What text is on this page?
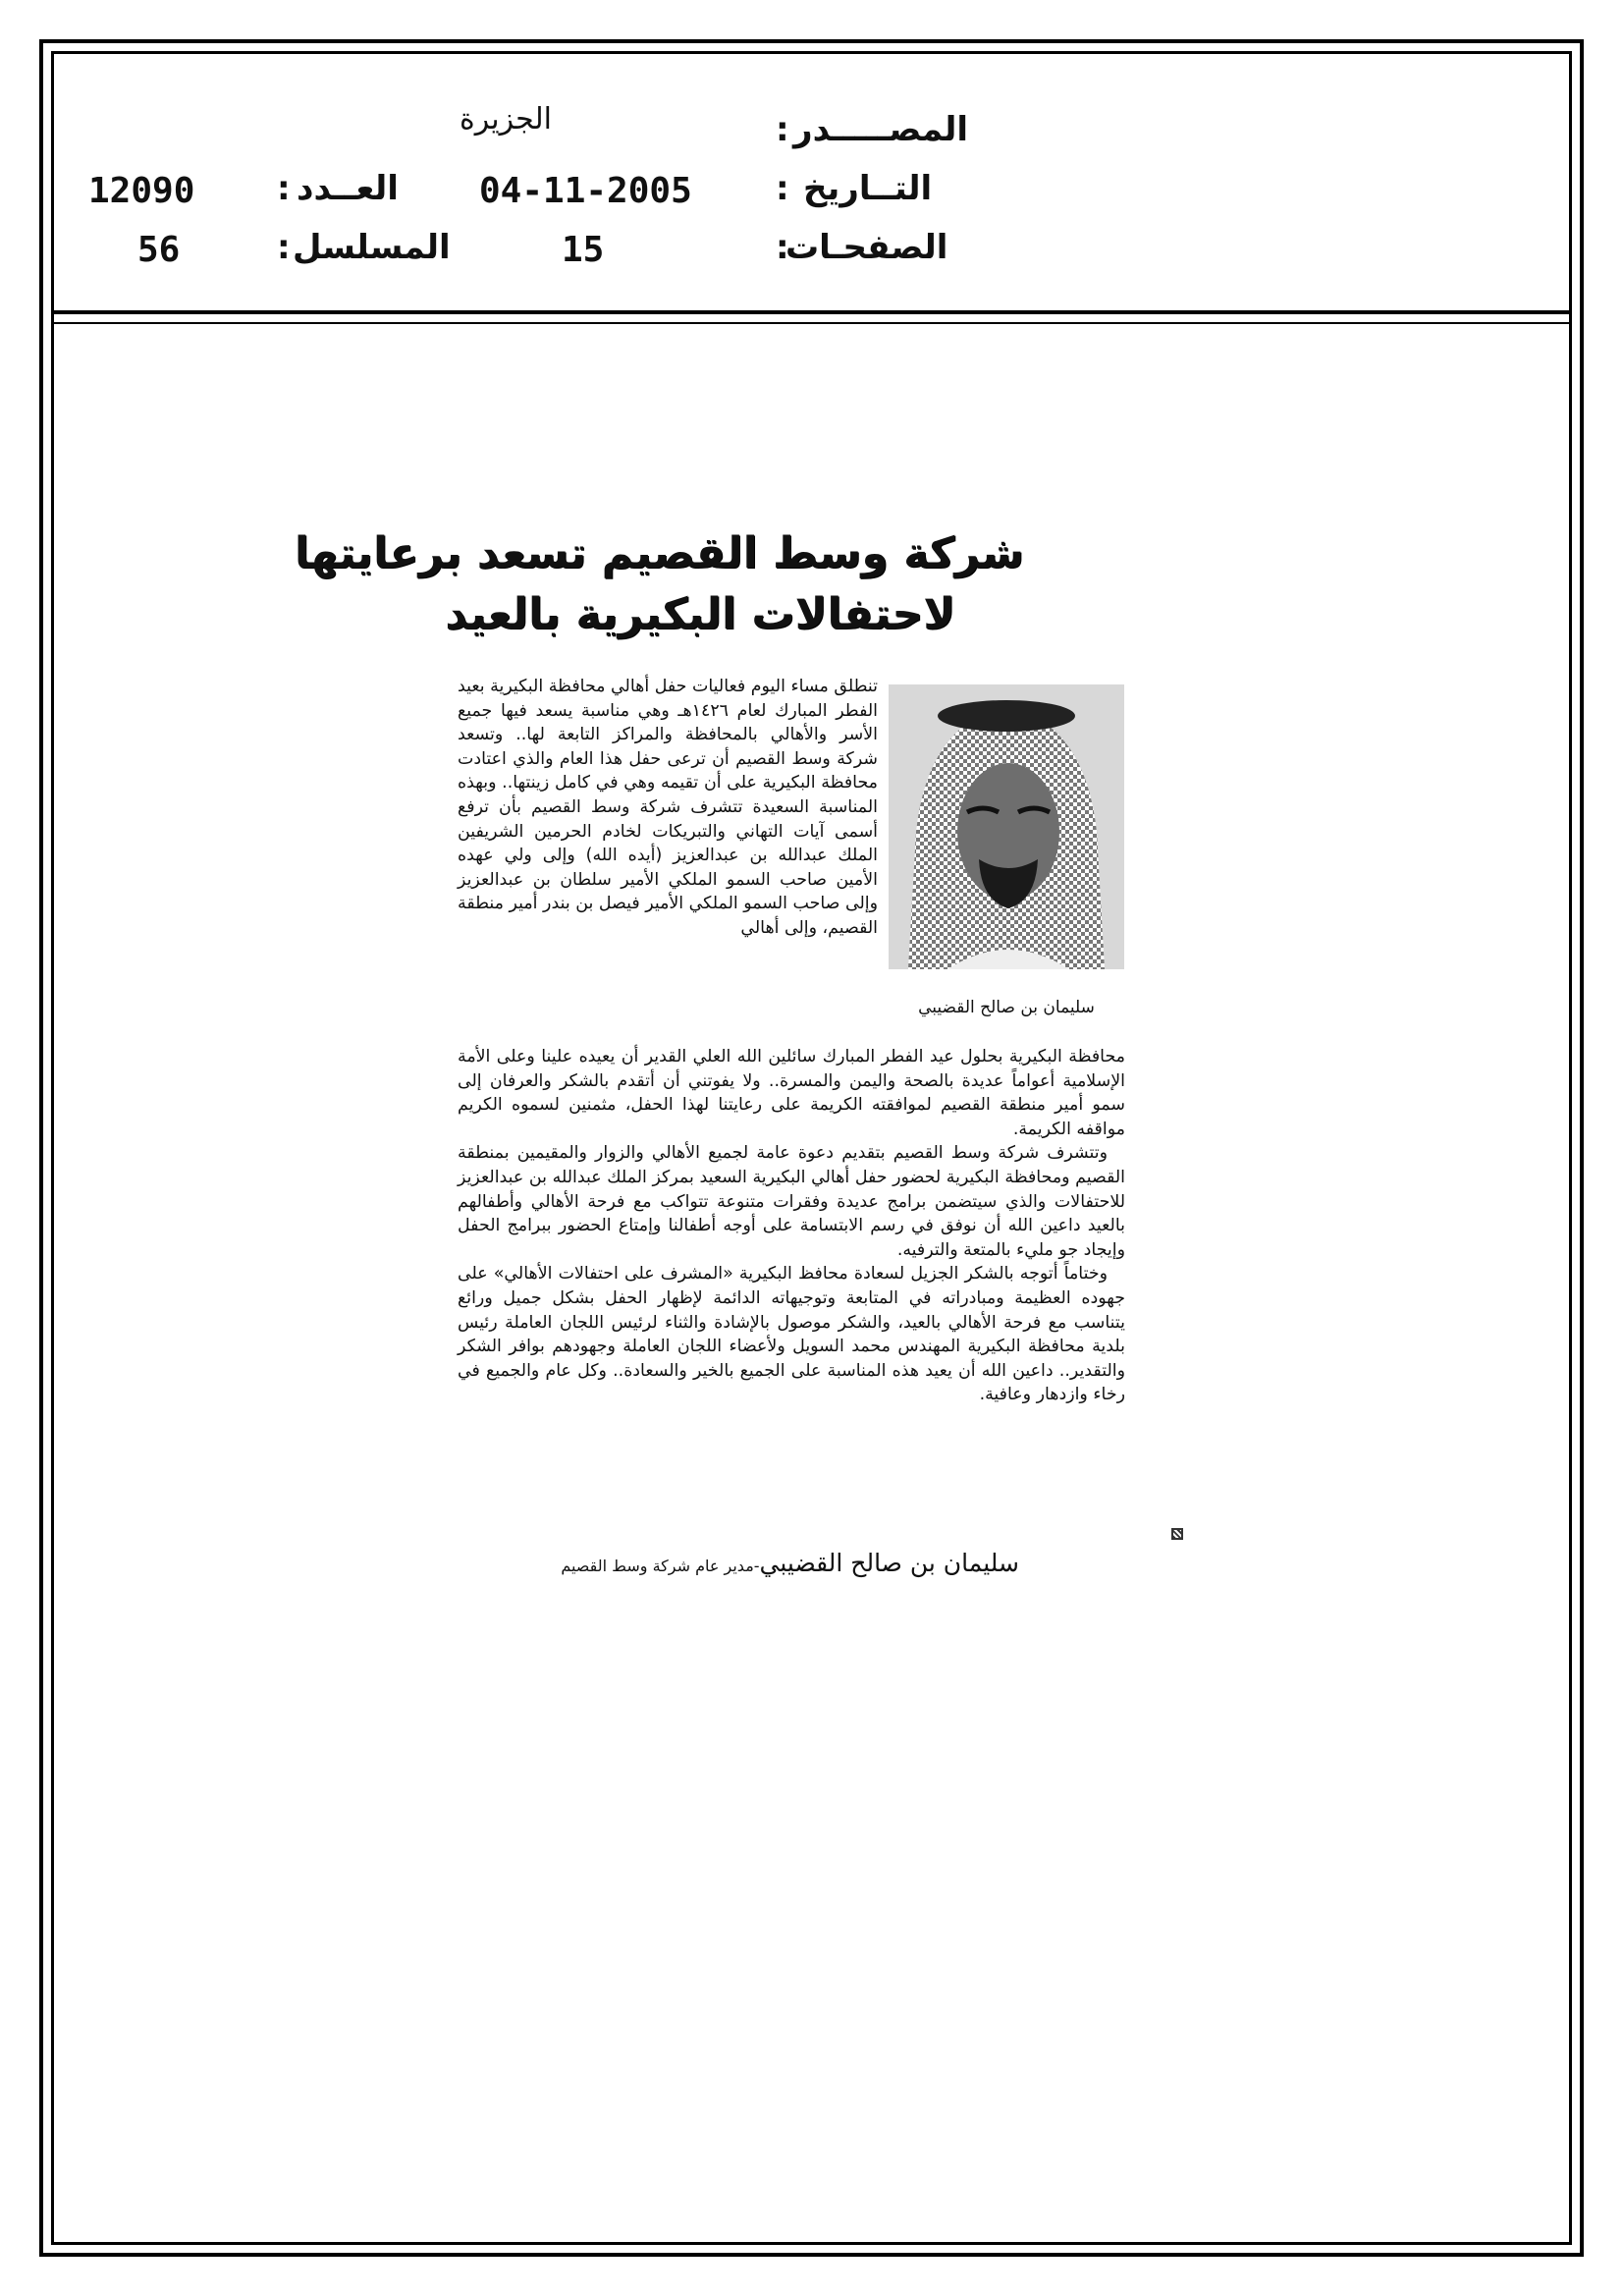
المصـــــدر
:
الجزيرة
التــاريخ
:
04-11-2005
الصفحـات
:
15
العــدد
:
12090
المسلسل
:
56
شركة وسط القصيم تسعد برعايتها
لاحتفالات البكيرية بالعيد
سليمان بن صالح القضيبي

تنطلق مساء اليوم فعاليات حفل أهالي محافظة البكيرية بعيد الفطر المبارك لعام ١٤٢٦هـ وهي مناسبة يسعد فيها جميع الأسر والأهالي بالمحافظة والمراكز التابعة لها.. وتسعد شركة وسط القصيم أن ترعى حفل هذا العام والذي اعتادت محافظة البكيرية على أن تقيمه وهي في كامل زينتها.. وبهذه المناسبة السعيدة تتشرف شركة وسط القصيم بأن ترفع أسمى آيات التهاني والتبريكات لخادم الحرمين الشريفين الملك عبدالله بن عبدالعزيز (أيده الله) وإلى ولي عهده الأمين صاحب السمو الملكي الأمير سلطان بن عبدالعزيز وإلى صاحب السمو الملكي الأمير فيصل بن بندر أمير منطقة القصيم، وإلى أهالي

محافظة البكيرية بحلول عيد الفطر المبارك سائلين الله العلي القدير أن يعيده علينا وعلى الأمة الإسلامية أعواماً عديدة بالصحة واليمن والمسرة.. ولا يفوتني أن أتقدم بالشكر والعرفان إلى سمو أمير منطقة القصيم لموافقته الكريمة على رعايتنا لهذا الحفل، مثمنين لسموه الكريم مواقفه الكريمة.

وتتشرف شركة وسط القصيم بتقديم دعوة عامة لجميع الأهالي والزوار والمقيمين بمنطقة القصيم ومحافظة البكيرية لحضور حفل أهالي البكيرية السعيد بمركز الملك عبدالله بن عبدالعزيز للاحتفالات والذي سيتضمن برامج عديدة وفقرات متنوعة تتواكب مع فرحة الأهالي وأطفالهم بالعيد داعين الله أن نوفق في رسم الابتسامة على أوجه أطفالنا وإمتاع الحضور ببرامج الحفل وإيجاد جو مليء بالمتعة والترفيه.

وختاماً أتوجه بالشكر الجزيل لسعادة محافظ البكيرية «المشرف على احتفالات الأهالي» على جهوده العظيمة ومبادراته في المتابعة وتوجيهاته الدائمة لإظهار الحفل بشكل جميل ورائع يتناسب مع فرحة الأهالي بالعيد، والشكر موصول بالإشادة والثناء لرئيس اللجان العاملة رئيس بلدية محافظة البكيرية المهندس محمد السويل ولأعضاء اللجان العاملة وجهودهم بوافر الشكر والتقدير.. داعين الله أن يعيد هذه المناسبة على الجميع بالخير والسعادة.. وكل عام والجميع في رخاء وازدهار وعافية.

سليمان بن صالح القضيبي-مدير عام شركة وسط القصيم
